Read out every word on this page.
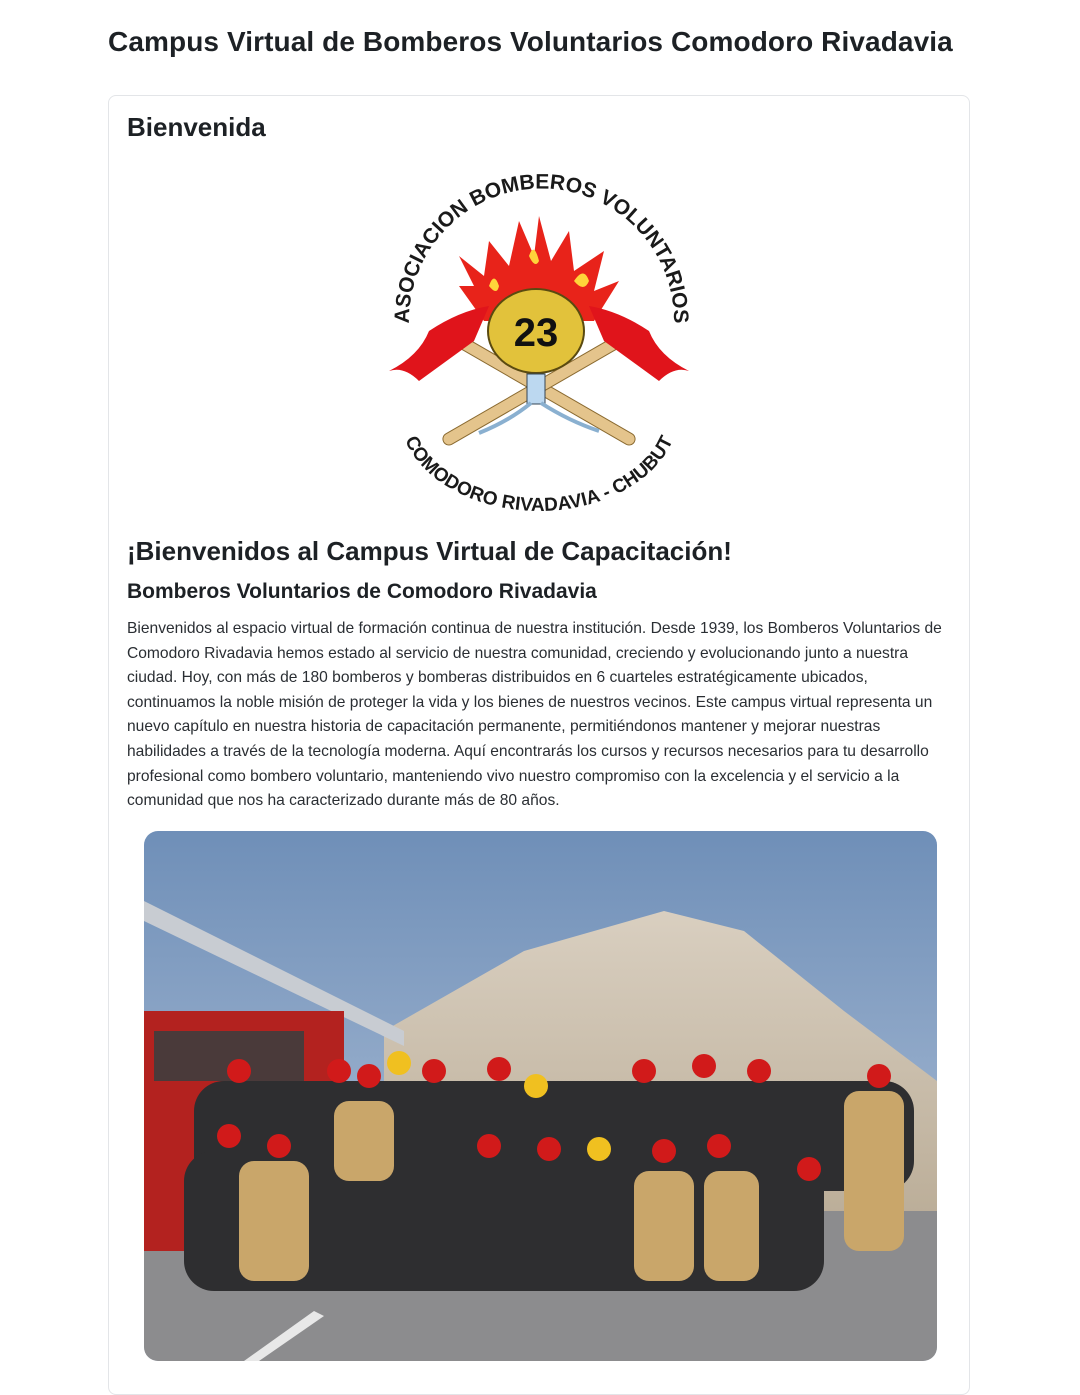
Campus Virtual de Bomberos Voluntarios Comodoro Rivadavia
Bienvenida
23
ASOCIACION BOMBEROS VOLUNTARIOS
COMODORO RIVADAVIA - CHUBUT
¡Bienvenidos al Campus Virtual de Capacitación!
Bomberos Voluntarios de Comodoro Rivadavia

Bienvenidos al espacio virtual de formación continua de nuestra institución. Desde 1939, los Bomberos Voluntarios de Comodoro Rivadavia hemos estado al servicio de nuestra comunidad, creciendo y evolucionando junto a nuestra ciudad. Hoy, con más de 180 bomberos y bomberas distribuidos en 6 cuarteles estratégicamente ubicados, continuamos la noble misión de proteger la vida y los bienes de nuestros vecinos. Este campus virtual representa un nuevo capítulo en nuestra historia de capacitación permanente, permitiéndonos mantener y mejorar nuestras habilidades a través de la tecnología moderna. Aquí encontrarás los cursos y recursos necesarios para tu desarrollo profesional como bombero voluntario, manteniendo vivo nuestro compromiso con la excelencia y el servicio a la comunidad que nos ha caracterizado durante más de 80 años.
